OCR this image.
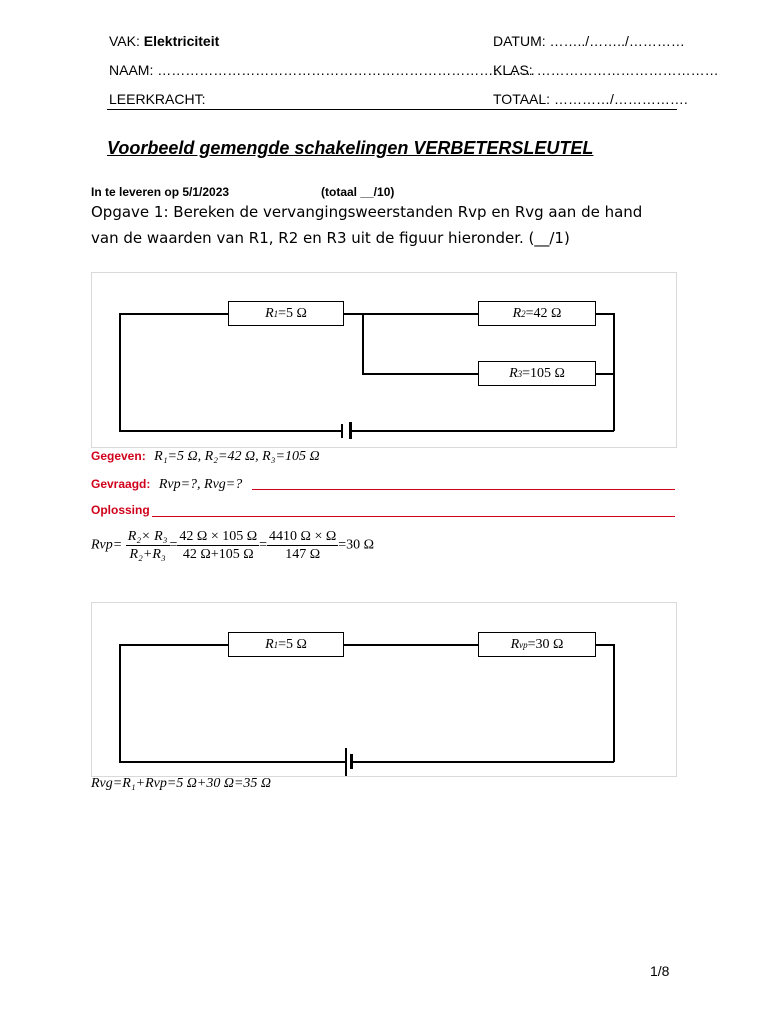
VAK: Elektriciteit	DATUM: ……../……../…………
NAAM: ………………………………………………………………………
KLAS: …………………………………
LEERKRACHT:	TOTAAL: …………/…………….
Voorbeeld gemengde schakelingen VERBETERSLEUTEL
In te leveren op 5/1/2023	(totaal __/10)
Opgave 1: Bereken de vervangingsweerstanden Rvp en Rvg aan de hand
van de waarden van R1, R2 en R3 uit de figuur hieronder. (__/1)
R 1 =5 Ω	R 2 =42 Ω
R 3 =105 Ω
Gegeven: R₁=5 Ω, R₂=42 Ω, R₃=105 Ω
Gevraagd: Rvp=?, Rvg=?
Oplossing
$Rvp= \frac{\text{R₂× R₃}}{\text{R₂+R₃}} = \frac{42 \Omega \times 105 \Omega}{42 \Omega+105 \Omega} = \frac{4410 \Omega \times \Omega}{147 \Omega} =30$ Ω
R 1 =5 Ω	R vp =30 Ω
Rvg=R₁+Rvp=5 Ω+30 Ω=35 Ω
1/8
